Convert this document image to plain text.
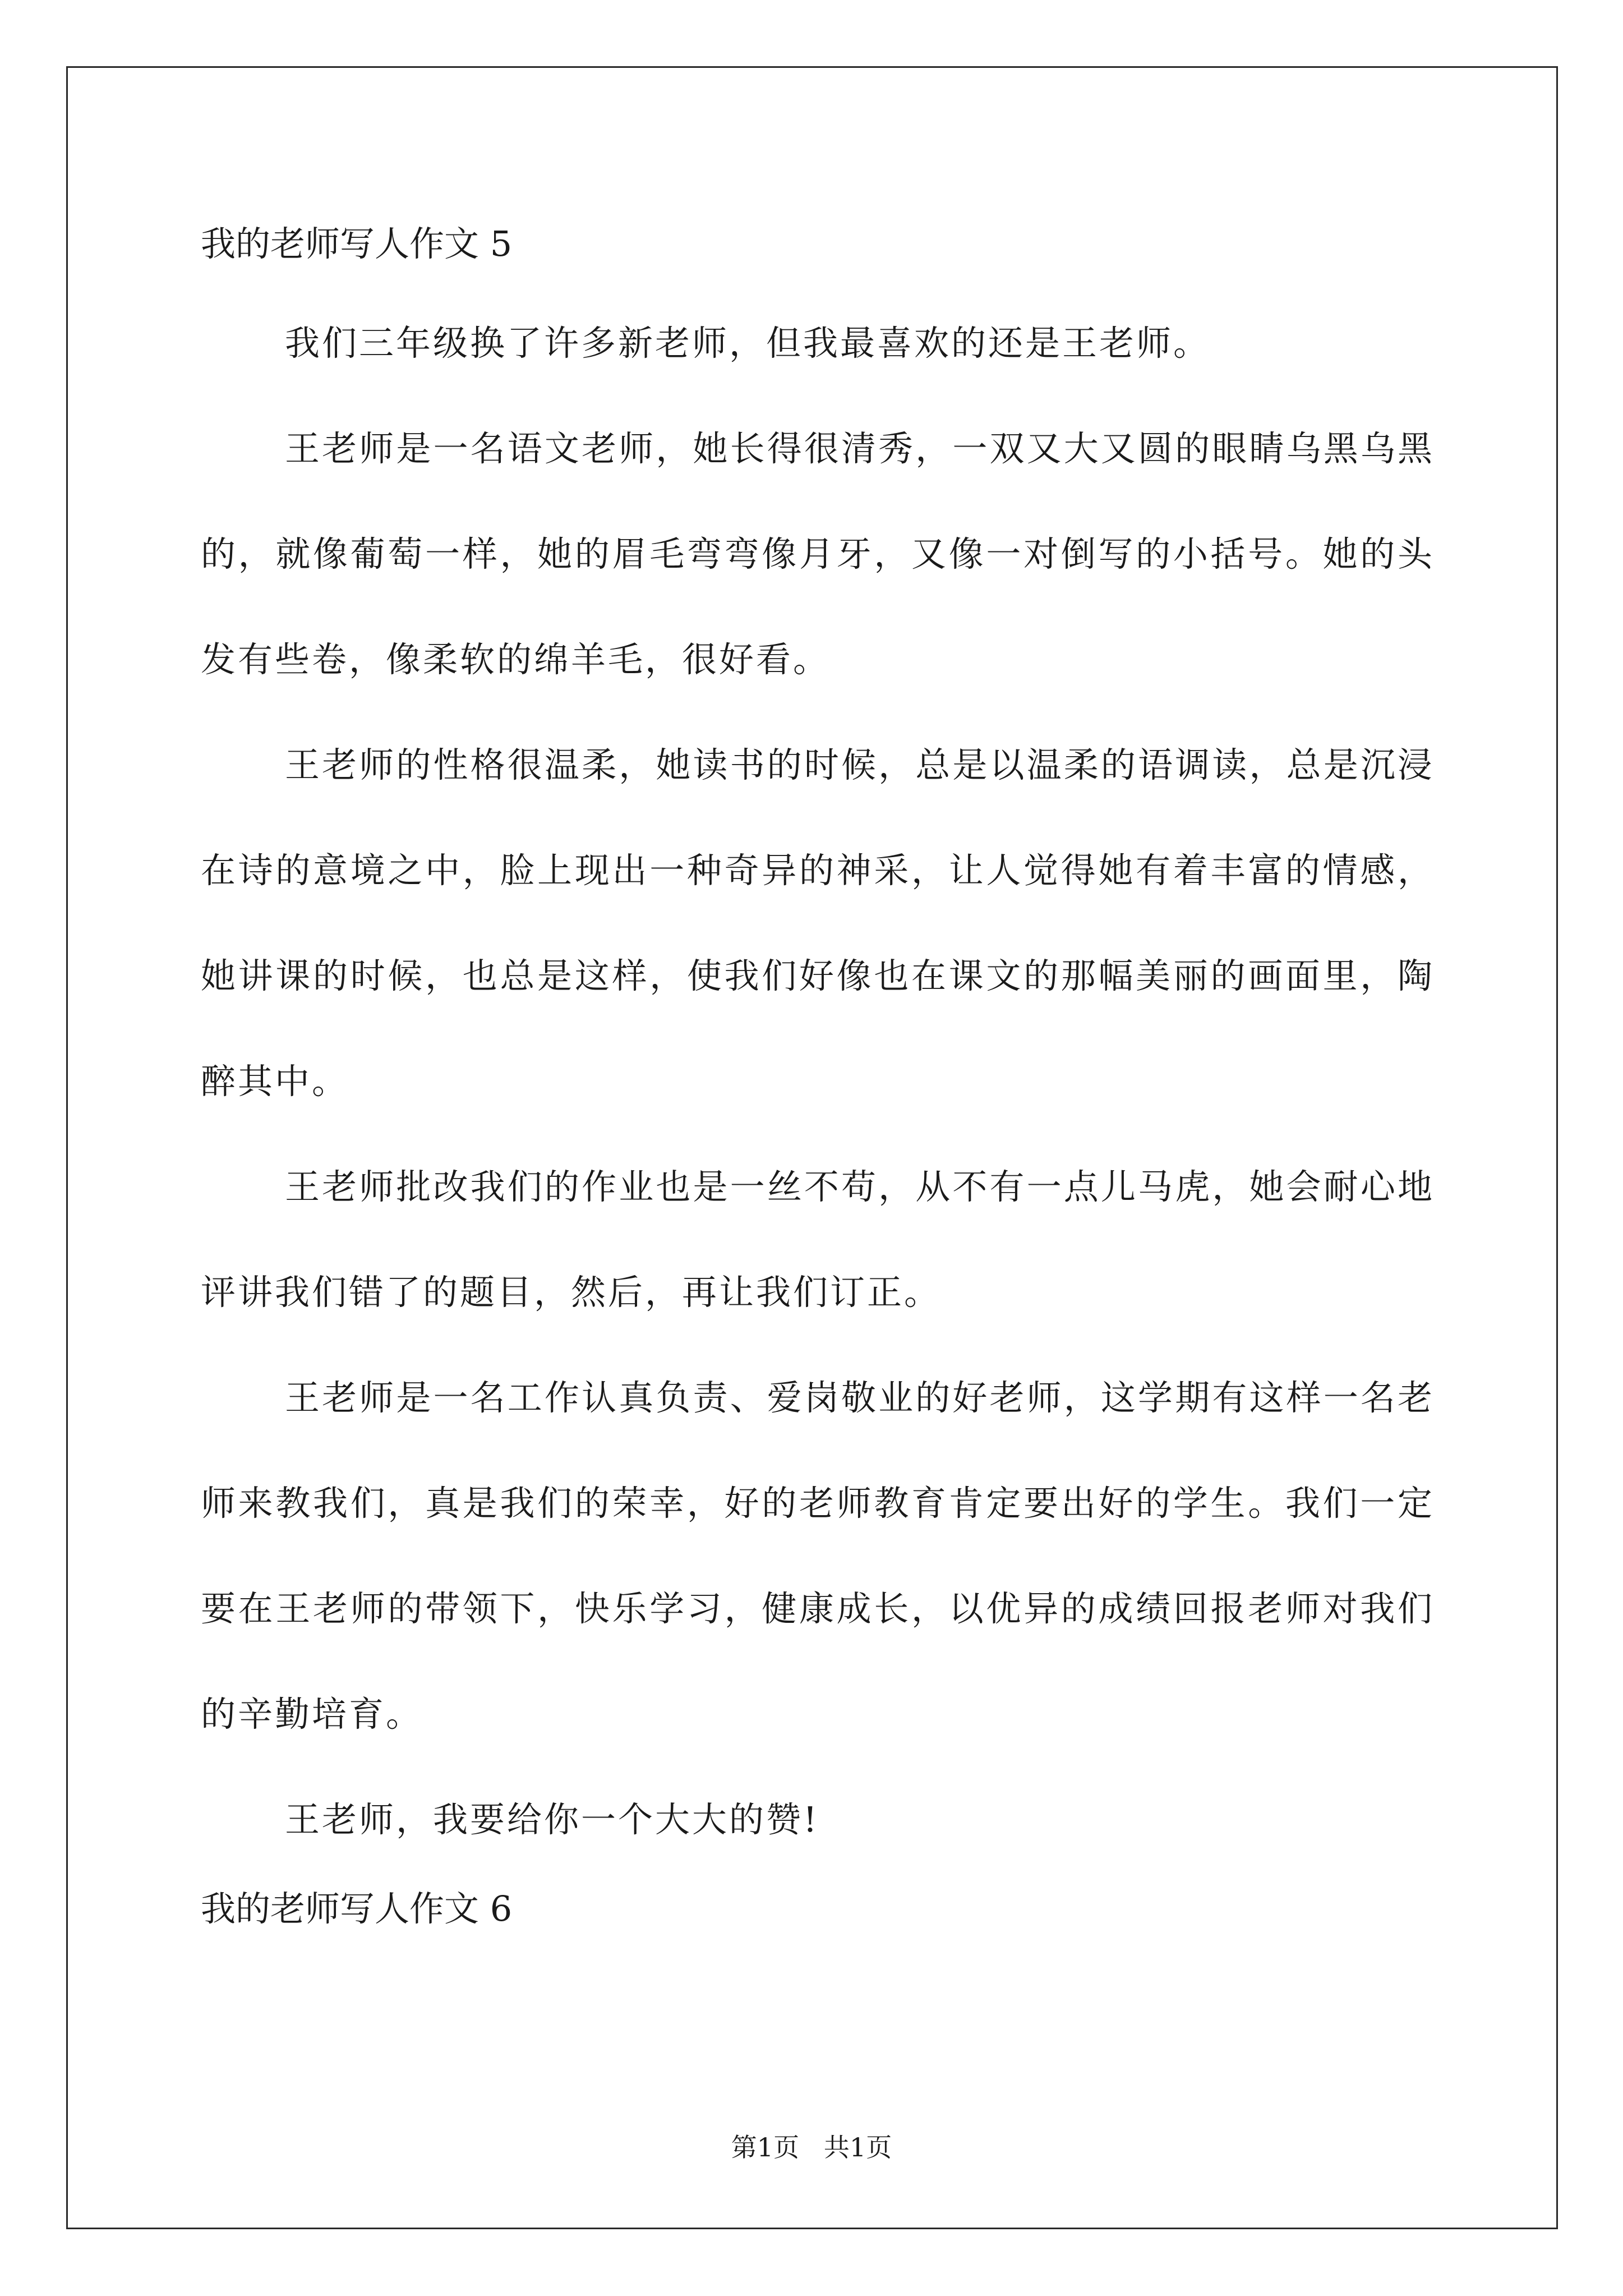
我的老师写人作文 5

我们三年级换了许多新老师，但我最喜欢的还是王老师。

王老师是一名语文老师，她长得很清秀，一双又大又圆的眼睛乌黑乌黑的，就像葡萄一样，她的眉毛弯弯像月牙，又像一对倒写的小括号。她的头发有些卷，像柔软的绵羊毛，很好看。

王老师的性格很温柔，她读书的时候，总是以温柔的语调读，总是沉浸在诗的意境之中，脸上现出一种奇异的神采，让人觉得她有着丰富的情感，她讲课的时候，也总是这样，使我们好像也在课文的那幅美丽的画面里，陶醉其中。

王老师批改我们的作业也是一丝不苟，从不有一点儿马虎，她会耐心地评讲我们错了的题目，然后，再让我们订正。

王老师是一名工作认真负责、爱岗敬业的好老师，这学期有这样一名老师来教我们，真是我们的荣幸，好的老师教育肯定要出好的学生。我们一定要在王老师的带领下，快乐学习，健康成长，以优异的成绩回报老师对我们的辛勤培育。

王老师，我要给你一个大大的赞!

我的老师写人作文 6

第1页   共1页
